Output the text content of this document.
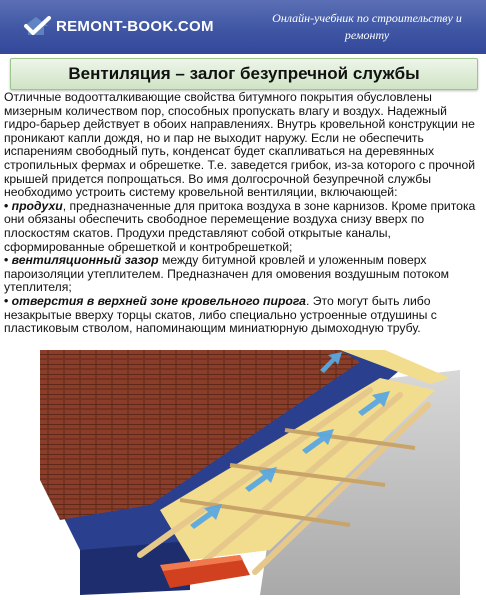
REMONT-BOOK.COM	Онлайн-учебник по строительству и ремонту
Вентиляция – залог безупречной службы

Отличные водоотталкивающие свойства битумного покрытия обусловлены мизерным количеством пор, способных пропускать влагу и воздух. Надежный гидро-барьер действует в обоих направлениях. Внутрь кровельной конструкции не проникают капли дождя, но и пар не выходит наружу. Если не обеспечить испарениям свободный путь, конденсат будет скапливаться на деревянных стропильных фермах и обрешетке. Т.е. заведется грибок, из-за которого с прочной крышей придется попрощаться. Во имя долгосрочной безупречной службы необходимо устроить систему кровельной вентиляции, включающей:

• продухи, предназначенные для притока воздуха в зоне карнизов. Кроме притока они обязаны обеспечить свободное перемещение воздуха снизу вверх по плоскостям скатов. Продухи представляют собой открытые каналы, сформированные обрешеткой и контробрешеткой;

• вентиляционный зазор между битумной кровлей и уложенным поверх пароизоляции утеплителем. Предназначен для омовения воздушным потоком утеплителя;

• отверстия в верхней зоне кровельного пирога. Это могут быть либо незакрытые вверху торцы скатов, либо специально устроенные отдушины с пластиковым стволом, напоминающим миниатюрную дымоходную трубу.
